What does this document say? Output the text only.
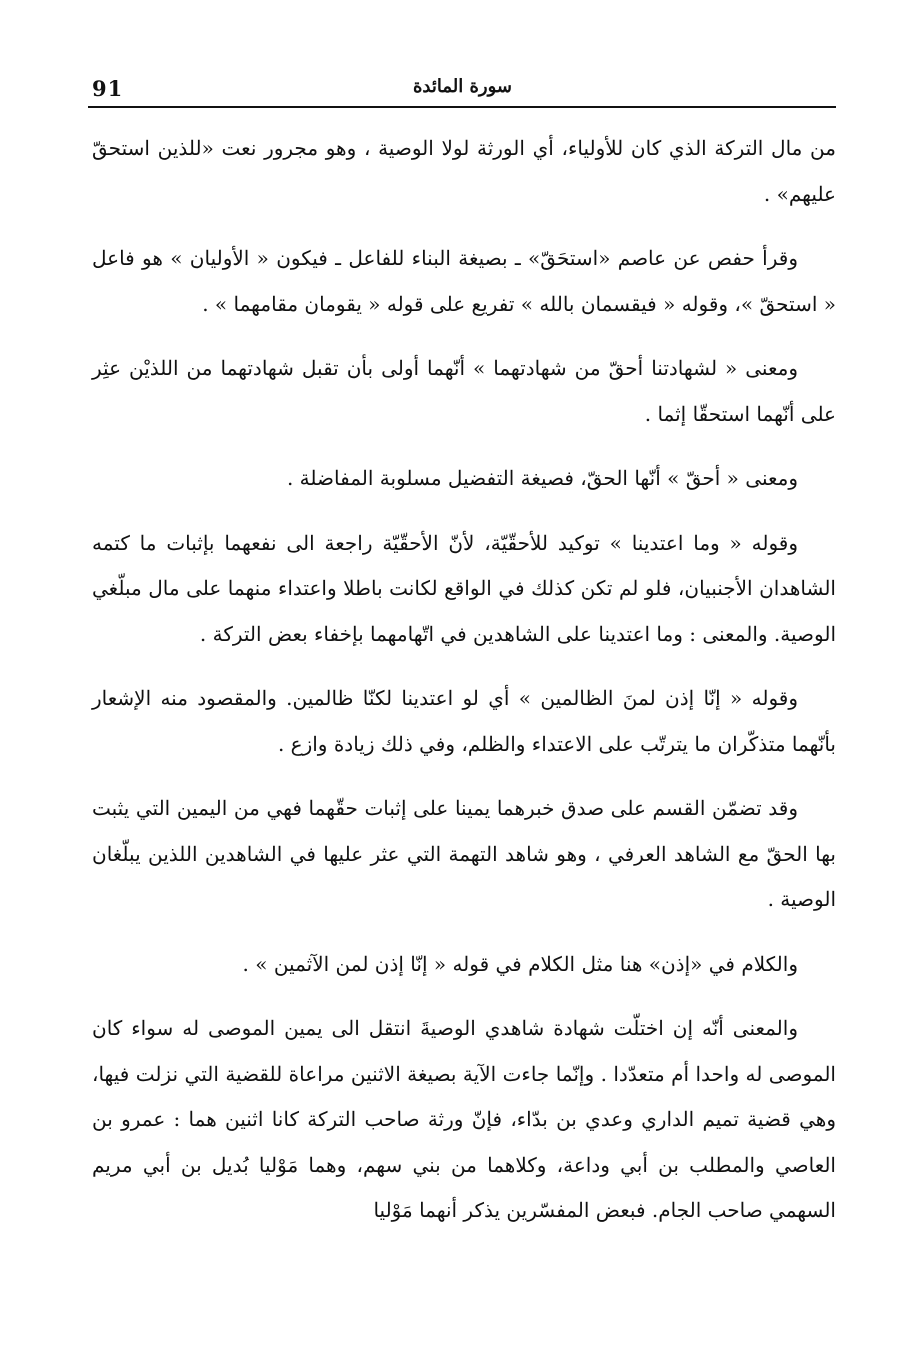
91	سورة المائدة

من مال التركة الذي كان للأولياء، أي الورثة لولا الوصية ، وهو مجرور نعت «للذين استحقّ عليهم» .

وقرأ حفص عن عاصم «استحَقّ» ـ بصيغة البناء للفاعل ـ فيكون « الأوليان » هو فاعل « استحقّ »، وقوله « فيقسمان بالله » تفريع على قوله « يقومان مقامهما » .

ومعنى « لشهادتنا أحقّ من شهادتهما » أنّهما أولى بأن تقبل شهادتهما من اللذيْن عثِر على أنّهما استحقّا إثما .

ومعنى « أحقّ » أنّها الحقّ، فصيغة التفضيل مسلوبة المفاضلة .

وقوله « وما اعتدينا » توكيد للأحقّيّة، لأنّ الأحقّيّة راجعة الى نفعهما بإثبات ما كتمه الشاهدان الأجنبيان، فلو لم تكن كذلك في الواقع لكانت باطلا واعتداء منهما على مال مبلّغي الوصية. والمعنى : وما اعتدينا على الشاهدين في اتّهامهما بإخفاء بعض التركة .

وقوله « إنّا إذن لمنَ الظالمين » أي لو اعتدينا لكنّا ظالمين. والمقصود منه الإشعار بأنّهما متذكّران ما يترتّب على الاعتداء والظلم، وفي ذلك زيادة وازع .

وقد تضمّن القسم على صدق خبرهما يمينا على إثبات حقّهما فهي من اليمين التي يثبت بها الحقّ مع الشاهد العرفي ، وهو شاهد التهمة التي عثر عليها في الشاهدين اللذين يبلّغان الوصية .

والكلام في «إذن» هنا مثل الكلام في قوله « إنّا إذن لمن الآثمين » .

والمعنى أنّه إن اختلّت شهادة شاهدي الوصيةَ انتقل الى يمين الموصى له سواء كان الموصى له واحدا أم متعدّدا . وإنّما جاءت الآية بصيغة الاثنين مراعاة للقضية التي نزلت فيها، وهي قضية تميم الداري وعدي بن بدّاء، فإنّ ورثة صاحب التركة كانا اثنين هما : عمرو بن العاصي والمطلب بن أبي وداعة، وكلاهما من بني سهم، وهما مَوْليا بُديل بن أبي مريم السهمي صاحب الجام. فبعض المفسّرين يذكر أنهما مَوْليا
